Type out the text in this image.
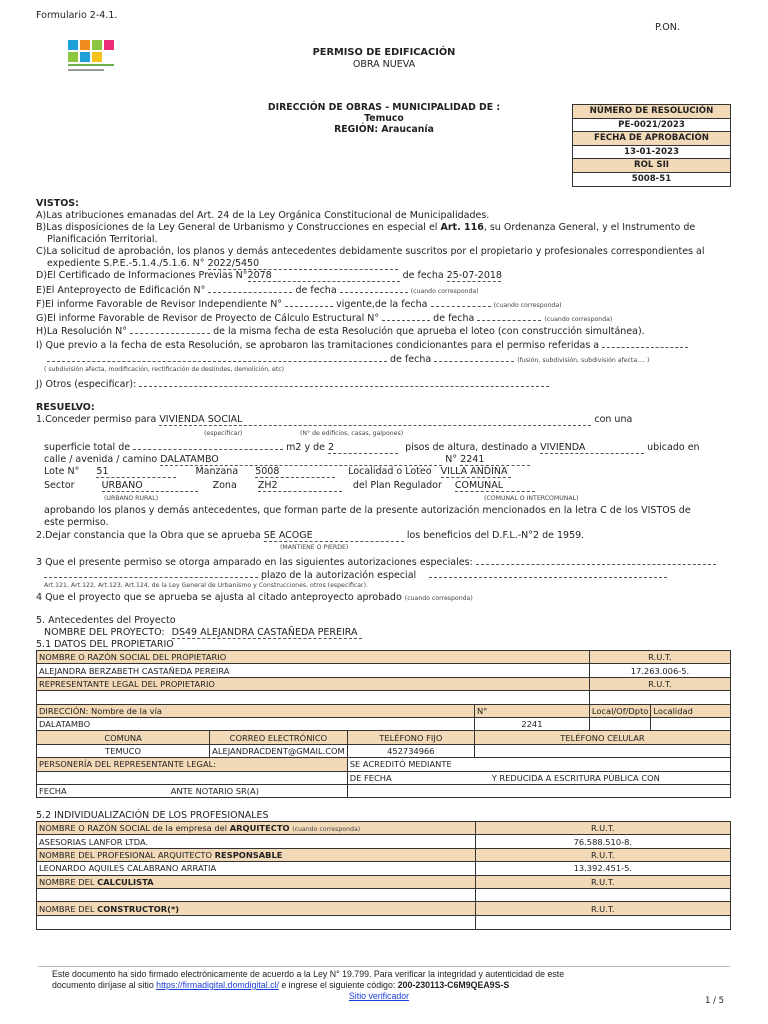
Formulario 2-4.1.
P.ON.
PERMISO DE EDIFICACIÓN
OBRA NUEVA
DIRECCIÓN DE OBRAS - MUNICIPALIDAD DE :
Temuco
REGIÓN: Araucanía
NÚMERO DE RESOLUCIÓN
PE-0021/2023
FECHA DE APROBACIÓN
13-01-2023
ROL SII
5008-51
VISTOS:
A)Las atribuciones emanadas del Art. 24 de la Ley Orgánica Constitucional de Municipalidades.
B)Las disposiciones de la Ley General de Urbanismo y Construcciones en especial el Art. 116, su Ordenanza General, y el Instrumento de
Planificación Territorial.
C)La solicitud de aprobación, los planos y demás antecedentes debidamente suscritos por el propietario y profesionales correspondientes al
expediente S.P.E.-5.1.4./5.1.6. N° 2022/5450
D)El Certificado de Informaciones Previas N°2078	de fecha 25-07-2018
E)El Anteproyecto de Edificación N°	de fecha	(cuando corresponda)
F)El informe Favorable de Revisor Independiente N°	vigente,de la fecha	(cuando corresponda)
G)El informe Favorable de Revisor de Proyecto de Cálculo Estructural N°	de fecha	(cuando corresponda)
H)La Resolución N°	de la misma fecha de esta Resolución que aprueba el loteo (con construcción simultánea).
I) Que previo a la fecha de esta Resolución, se aprobaron las tramitaciones condicionantes para el permiso referidas a
de fecha	(fusión, subdivisión, subdivisión afecta.... )
( subdivisión afecta, modificación, rectificación de deslindes, demolición, etc)
J) Otros (especificar):
RESUELVO:
1.Conceder permiso para VIVIENDA SOCIAL	con una
(especificar)	(N° de edificios, casas, galpones)
superficie total de	m2 y de 2	pisos de altura, destinado a VIVIENDA	ubicado en
calle / avenida / camino DALATAMBO	N° 2241
Lote N° 51	Manzana 5008	Localidad o Loteo VILLA ANDINA
Sector	URBANO	Zona ZH2	del Plan Regulador COMUNAL
(URBANO RURAL)	(COMUNAL O INTERCOMUNAL)
aprobando los planos y demás antecedentes, que forman parte de la presente autorización mencionados en la letra C de los VISTOS de
este permiso.
2.Dejar constancia que la Obra que se aprueba SE ACOGE	los beneficios del D.F.L.-N°2 de 1959.
(MANTIENE O PIERDE)
3 Que el presente permiso se otorga amparado en las siguientes autorizaciones especiales:
plazo de la autorización especial
Art.121, Art.122, Art.123, Art.124, de la Ley General de Urbanismo y Construcciones, otros (especificar).
4 Que el proyecto que se aprueba se ajusta al citado anteproyecto aprobado (cuando corresponda)
5. Antecedentes del Proyecto
NOMBRE DEL PROYECTO: DS49 ALEJANDRA CASTAÑEDA PEREIRA
5.1 DATOS DEL PROPIETARIO
NOMBRE O RAZÓN SOCIAL DEL PROPIETARIO				R.U.T.	
ALEJANDRA BERZABETH CASTAÑEDA PEREIRA				17.263.006-5.	
REPRESENTANTE LEGAL DEL PROPIETARIO				R.U.T.	

DIRECCIÓN: Nombre de la vía			N°	Local/Of/Dpto	Localidad
DALATAMBO			2241		
COMUNA	CORREO ELECTRÓNICO	TELÉFONO FIJO	TELÉFONO CELULAR		
TEMUCO	ALEJANDRACDENT@GMAIL.COM	452734966			
PERSONERÍA DEL REPRESENTANTE LEGAL:		SE ACREDITÓ MEDIANTE			
		DE FECHA Y REDUCIDA A ESCRITURA PÚBLICA CON			
FECHA ANTE NOTARIO SR(A)					
5.2 INDIVIDUALIZACIÓN DE LOS PROFESIONALES
NOMBRE O RAZÓN SOCIAL de la empresa del ARQUITECTO (cuando corresponda)	R.U.T.
ASESORIAS LANFOR LTDA.	76.588.510-8.
NOMBRE DEL PROFESIONAL ARQUITECTO RESPONSABLE	R.U.T.
LEONARDO AQUILES CALABRANO ARRATIA	13.392.451-5.
NOMBRE DEL CALCULISTA	R.U.T.

NOMBRE DEL CONSTRUCTOR(*)	R.U.T.

Este documento ha sido firmado electrónicamente de acuerdo a la Ley N° 19.799. Para verificar la integridad y autenticidad de este
documento diríjase al sitio https://firmadigital.domdigital.cl/ e ingrese el siguiente código: 200-230113-C6M9QEA9S-S
Sitio verificador	1 / 5
